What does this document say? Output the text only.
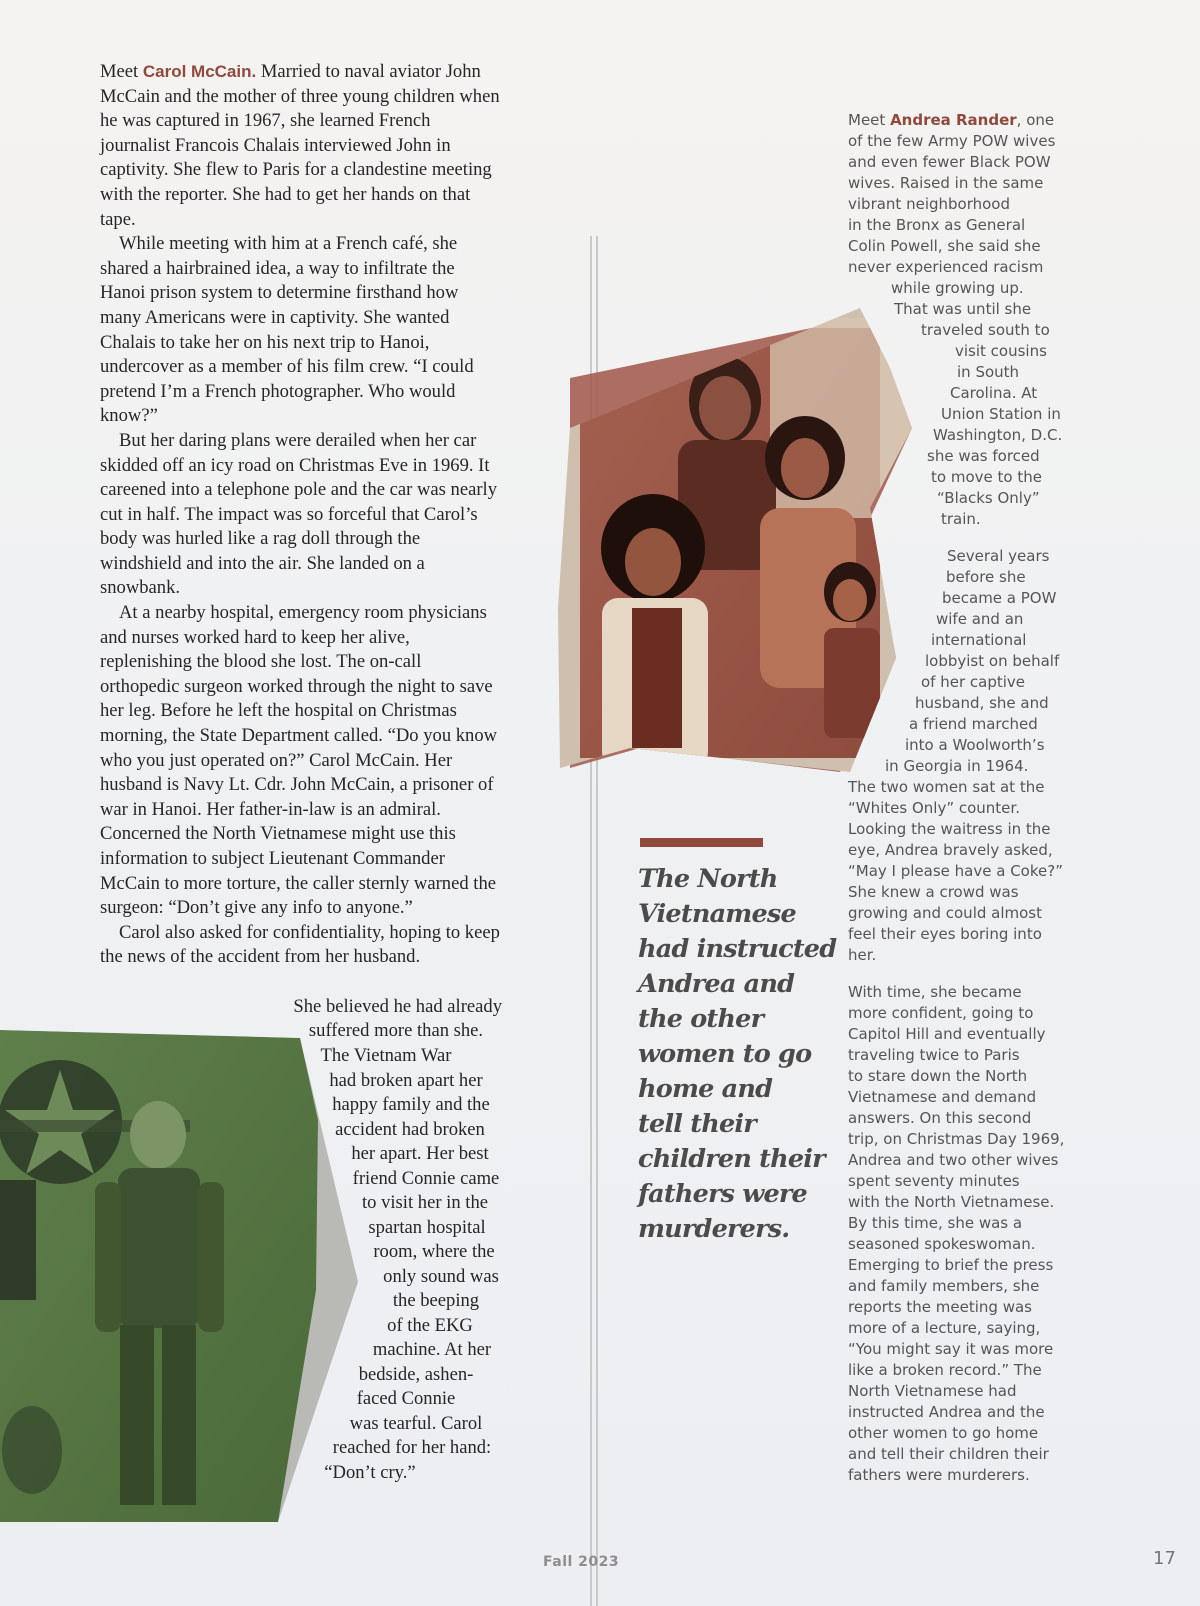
Meet Carol McCain. Married to naval aviator John McCain and the mother of three young children when he was captured in 1967, she learned French journalist Francois Chalais interviewed John in captivity. She flew to Paris for a clandestine meeting with the reporter. She had to get her hands on that tape.

While meeting with him at a French café, she shared a hairbrained idea, a way to infiltrate the Hanoi prison system to determine firsthand how many Americans were in captivity. She wanted Chalais to take her on his next trip to Hanoi, undercover as a member of his film crew. “I could pretend I’m a French photographer. Who would know?”

But her daring plans were derailed when her car skidded off an icy road on Christmas Eve in 1969. It careened into a telephone pole and the car was nearly cut in half. The impact was so forceful that Carol’s body was hurled like a rag doll through the windshield and into the air. She landed on a snowbank.

At a nearby hospital, emergency room physicians and nurses worked hard to keep her alive, replenishing the blood she lost. The on-call orthopedic surgeon worked through the night to save her leg. Before he left the hospital on Christmas morning, the State Department called. “Do you know who you just operated on?” Carol McCain. Her husband is Navy Lt. Cdr. John McCain, a prisoner of war in Hanoi. Her father-in-law is an admiral. Concerned the North Vietnamese might use this information to subject Lieutenant Commander McCain to more torture, the caller sternly warned the surgeon: “Don’t give any info to anyone.”

Carol also asked for confidentiality, hoping to keep the news of the accident from her husband.

She believed he had already
suffered more than she.
The Vietnam War
had broken apart her
happy family and the
accident had broken
her apart. Her best
friend Connie came
to visit her in the
spartan hospital
room, where the
only sound was
the beeping
of the EKG
machine. At her
bedside, ashen-
faced Connie
was tearful. Carol
reached for her hand:
“Don’t cry.”
The North
Vietnamese
had instructed
Andrea and
the other
women to go
home and
tell their
children their
fathers were
murderers.
Meet Andrea Rander, one
of the few Army POW wives
and even fewer Black POW
wives. Raised in the same
vibrant neighborhood
in the Bronx as General
Colin Powell, she said she
never experienced racism
while growing up.
That was until she
traveled south to
visit cousins
in South
Carolina. At
Union Station in
Washington, D.C.
she was forced
to move to the
“Blacks Only”
train.
Several years
before she
became a POW
wife and an
international
lobbyist on behalf
of her captive
husband, she and
a friend marched
into a Woolworth’s
in Georgia in 1964.
The two women sat at the
“Whites Only” counter.
Looking the waitress in the
eye, Andrea bravely asked,
“May I please have a Coke?”
She knew a crowd was
growing and could almost
feel their eyes boring into
her.
With time, she became
more confident, going to
Capitol Hill and eventually
traveling twice to Paris
to stare down the North
Vietnamese and demand
answers. On this second
trip, on Christmas Day 1969,
Andrea and two other wives
spent seventy minutes
with the North Vietnamese.
By this time, she was a
seasoned spokeswoman.
Emerging to brief the press
and family members, she
reports the meeting was
more of a lecture, saying,
“You might say it was more
like a broken record.” The
North Vietnamese had
instructed Andrea and the
other women to go home
and tell their children their
fathers were murderers.
Fall 2023	17
